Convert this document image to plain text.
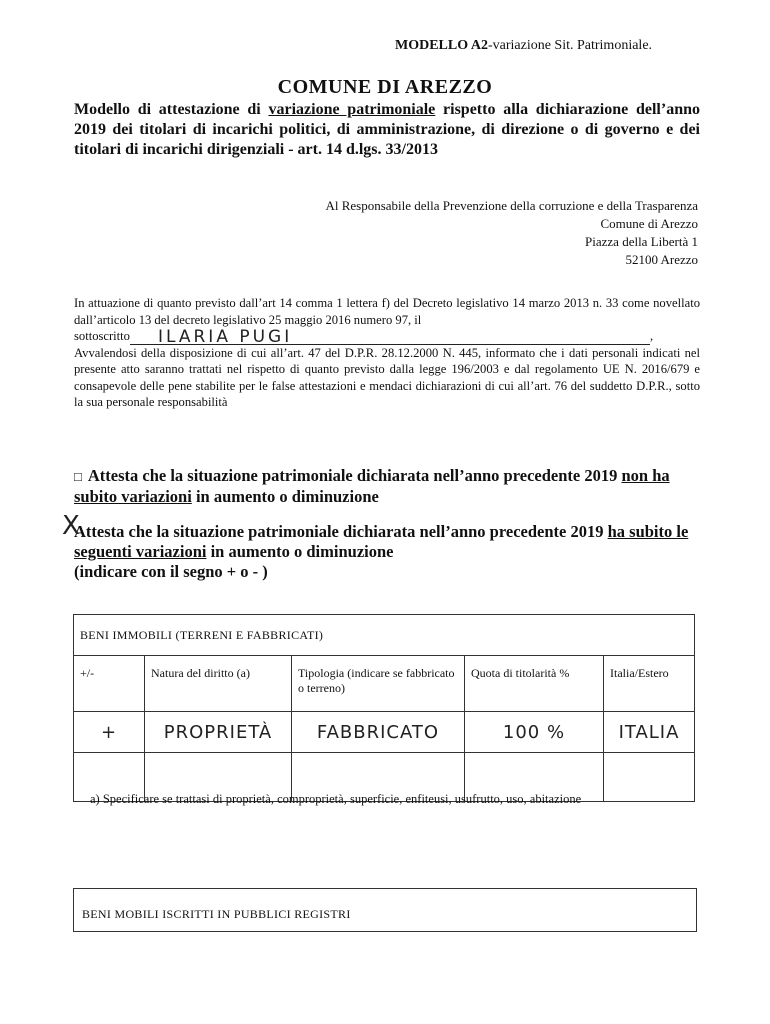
MODELLO A2-variazione Sit. Patrimoniale.
COMUNE DI AREZZO
Modello di attestazione di variazione patrimoniale rispetto alla dichiarazione dell’anno 2019 dei titolari di incarichi politici, di amministrazione, di direzione o di governo e dei titolari di incarichi dirigenziali - art. 14 d.lgs. 33/2013
Al Responsabile della Prevenzione della corruzione e della Trasparenza
Comune di Arezzo
Piazza della Libertà 1
52100 Arezzo
In attuazione di quanto previsto dall’art 14 comma 1 lettera f) del Decreto legislativo 14 marzo 2013 n. 33 come novellato dall’articolo 13 del decreto legislativo 25 maggio 2016 numero 97, il
sottoscritto ILARIA PUGI	,
Avvalendosi della disposizione di cui all’art. 47 del D.P.R. 28.12.2000 N. 445, informato che i dati personali indicati nel presente atto saranno trattati nel rispetto di quanto previsto dalla legge 196/2003 e dal regolamento UE N. 2016/679 e consapevole delle pene stabilite per le false attestazioni e mendaci dichiarazioni di cui all’art. 76 del suddetto D.P.R., sotto la sua personale responsabilità
□ Attesta che la situazione patrimoniale dichiarata nell’anno precedente 2019 non ha subito variazioni in aumento o diminuzione
X
Attesta che la situazione patrimoniale dichiarata nell’anno precedente 2019 ha subito le seguenti variazioni in aumento o diminuzione
(indicare con il segno + o - )
BENI IMMOBILI (TERRENI E FABBRICATI)				
+/-	Natura del diritto (a)	Tipologia (indicare se fabbricato o terreno)	Quota di titolarità %	Italia/Estero
+	PROPRIETÀ	FABBRICATO	100 %	ITALIA

a) Specificare se trattasi di proprietà, comproprietà, superficie, enfiteusi, usufrutto, uso, abitazione
BENI MOBILI ISCRITTI IN PUBBLICI REGISTRI
